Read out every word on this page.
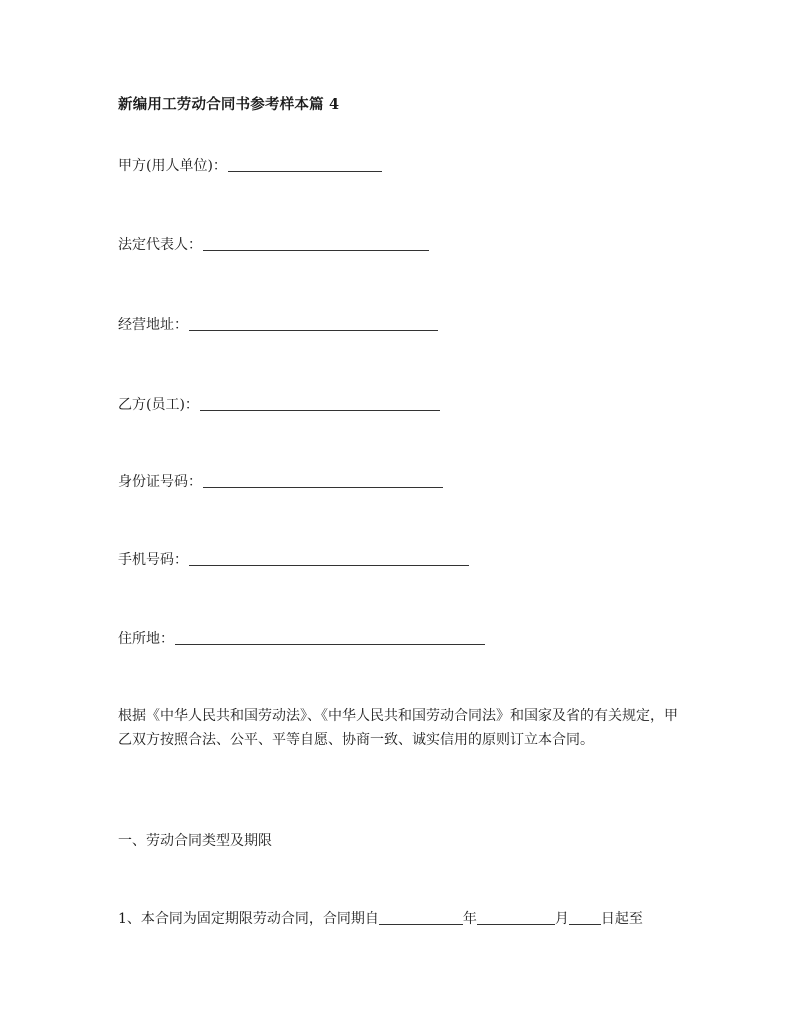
新编用工劳动合同书参考样本篇 4
甲方(用人单位)：
法定代表人：
经营地址：
乙方(员工)：
身份证号码：
手机号码：
住所地：
根据《中华人民共和国劳动法》、《中华人民共和国劳动合同法》和国家及省的有关规定，甲乙双方按照合法、公平、平等自愿、协商一致、诚实信用的原则订立本合同。
一、劳动合同类型及期限
1、本合同为固定期限劳动合同，合同期自	年	月 日起至
